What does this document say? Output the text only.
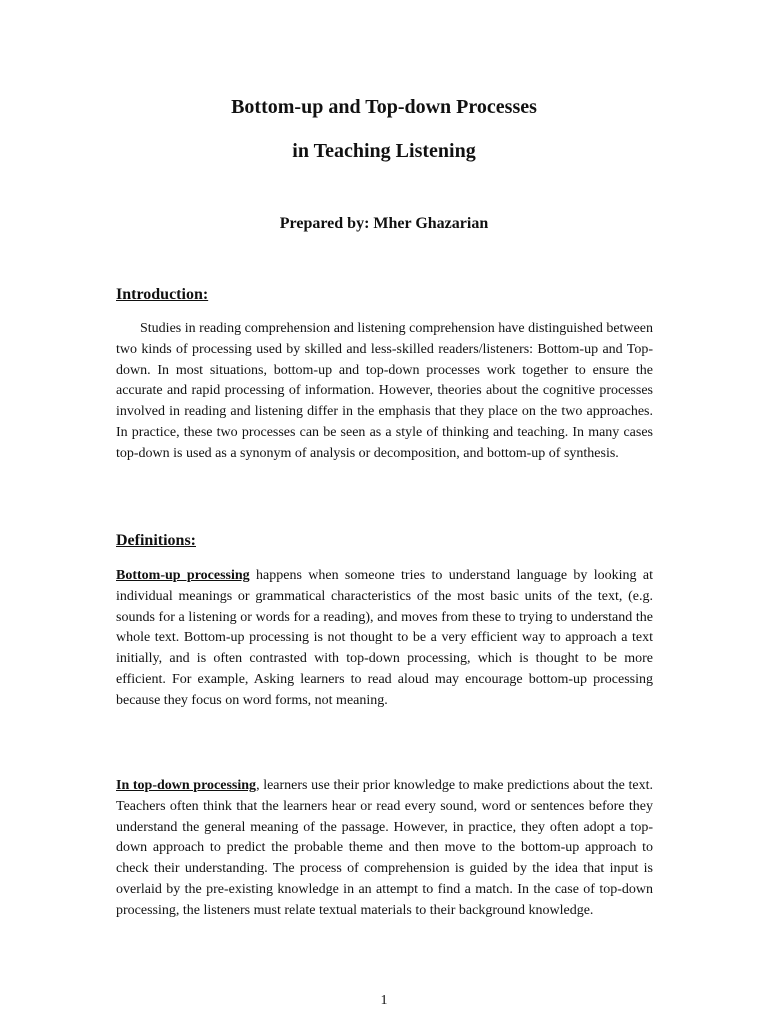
Bottom-up and Top-down Processes
in Teaching Listening

Prepared by: Mher Ghazarian

Introduction:

Studies in reading comprehension and listening comprehension have distinguished between two kinds of processing used by skilled and less-skilled readers/listeners: Bottom-up and Top-down. In most situations, bottom-up and top-down processes work together to ensure the accurate and rapid processing of information. However, theories about the cognitive processes involved in reading and listening differ in the emphasis that they place on the two approaches. In practice, these two processes can be seen as a style of thinking and teaching. In many cases top-down is used as a synonym of analysis or decomposition, and bottom-up of synthesis.

Definitions:

Bottom-up processing happens when someone tries to understand language by looking at individual meanings or grammatical characteristics of the most basic units of the text, (e.g. sounds for a listening or words for a reading), and moves from these to trying to understand the whole text. Bottom-up processing is not thought to be a very efficient way to approach a text initially, and is often contrasted with top-down processing, which is thought to be more efficient. For example, Asking learners to read aloud may encourage bottom-up processing because they focus on word forms, not meaning.

In top-down processing, learners use their prior knowledge to make predictions about the text. Teachers often think that the learners hear or read every sound, word or sentences before they understand the general meaning of the passage. However, in practice, they often adopt a top-down approach to predict the probable theme and then move to the bottom-up approach to check their understanding. The process of comprehension is guided by the idea that input is overlaid by the pre-existing knowledge in an attempt to find a match. In the case of top-down processing, the listeners must relate textual materials to their background knowledge.

1
